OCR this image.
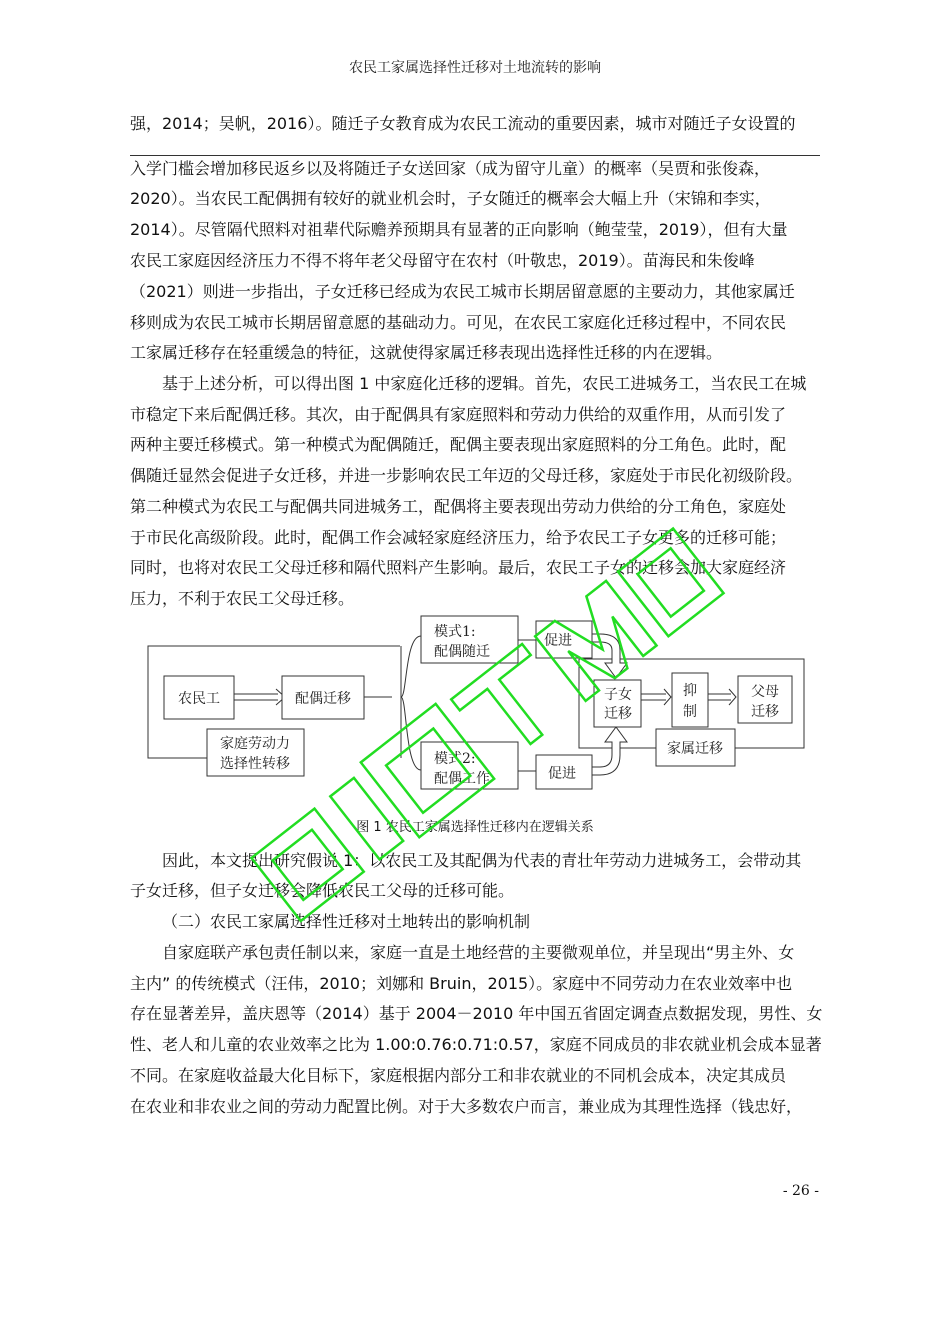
农民工家属选择性迁移对土地流转的影响
强，2014；吴帆，2016）。随迁子女教育成为农民工流动的重要因素，城市对随迁子女设置的
入学门槛会增加移民返乡以及将随迁子女送回家（成为留守儿童）的概率（吴贾和张俊森，
2020）。当农民工配偶拥有较好的就业机会时，子女随迁的概率会大幅上升（宋锦和李实，
2014）。尽管隔代照料对祖辈代际赡养预期具有显著的正向影响（鲍莹莹，2019），但有大量
农民工家庭因经济压力不得不将年老父母留守在农村（叶敬忠，2019）。苗海民和朱俊峰
（2021）则进一步指出，子女迁移已经成为农民工城市长期居留意愿的主要动力，其他家属迁
移则成为农民工城市长期居留意愿的基础动力。可见，在农民工家庭化迁移过程中，不同农民
工家属迁移存在轻重缓急的特征，这就使得家属迁移表现出选择性迁移的内在逻辑。
基于上述分析，可以得出图 1 中家庭化迁移的逻辑。首先，农民工进城务工，当农民工在城
市稳定下来后配偶迁移。其次，由于配偶具有家庭照料和劳动力供给的双重作用，从而引发了
两种主要迁移模式。第一种模式为配偶随迁，配偶主要表现出家庭照料的分工角色。此时，配
偶随迁显然会促进子女迁移，并进一步影响农民工年迈的父母迁移，家庭处于市民化初级阶段。
第二种模式为农民工与配偶共同进城务工，配偶将主要表现出劳动力供给的分工角色，家庭处
于市民化高级阶段。此时，配偶工作会减轻家庭经济压力，给予农民工子女更多的迁移可能；
同时，也将对农民工父母迁移和隔代照料产生影响。最后，农民工子女的迁移会加大家庭经济
压力，不利于农民工父母迁移。
农民工	配偶迁移
家庭劳动力
选择性转移
模式1:
配偶随迁
促进
模式2:
配偶工作	促进
子女
迁移
抑
制
父母
迁移
家属迁移
图 1 农民工家属选择性迁移内在逻辑关系
因此，本文提出研究假说 1：以农民工及其配偶为代表的青壮年劳动力进城务工，会带动其
子女迁移，但子女迁移会降低农民工父母的迁移可能。
（二）农民工家属选择性迁移对土地转出的影响机制
自家庭联产承包责任制以来，家庭一直是土地经营的主要微观单位，并呈现出“男主外、女
主内” 的传统模式（汪伟，2010；刘娜和 Bruin，2015）。家庭中不同劳动力在农业效率中也
存在显著差异，盖庆恩等（2014）基于 2004－2010 年中国五省固定调查点数据发现，男性、女
性、老人和儿童的农业效率之比为 1.00:0.76:0.71:0.57，家庭不同成员的非农就业机会成本显著
不同。在家庭收益最大化目标下，家庭根据内部分工和非农就业的不同机会成本，决定其成员
在农业和非农业之间的劳动力配置比例。对于大多数农户而言，兼业成为其理性选择（钱忠好，
- 26 -
